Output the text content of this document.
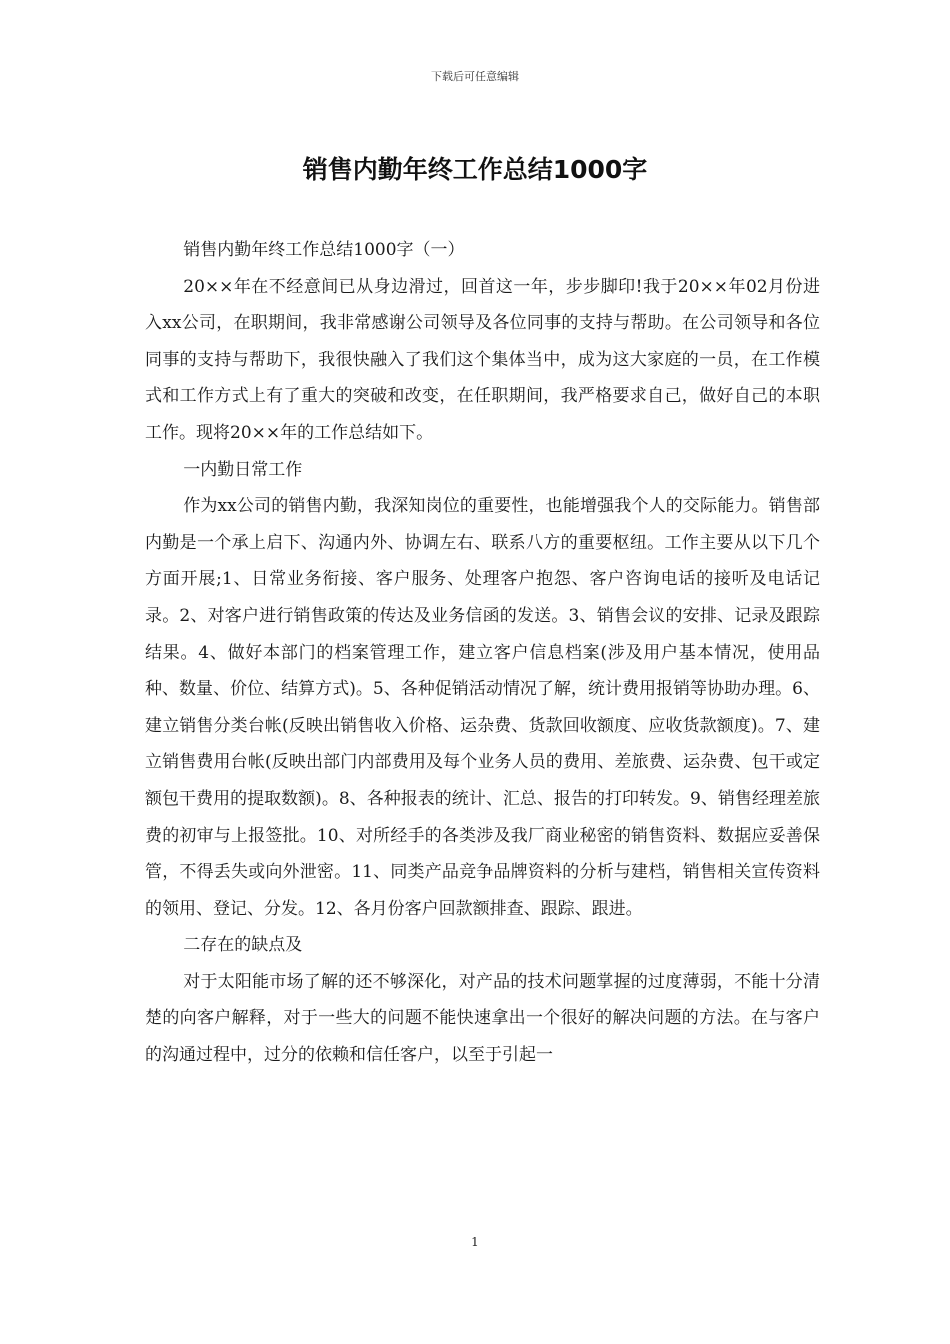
下载后可任意编辑
销售内勤年终工作总结1000字

销售内勤年终工作总结1000字（一）

20××年在不经意间已从身边滑过，回首这一年，步步脚印!我于20××年02月份进入xx公司，在职期间，我非常感谢公司领导及各位同事的支持与帮助。在公司领导和各位同事的支持与帮助下，我很快融入了我们这个集体当中，成为这大家庭的一员，在工作模式和工作方式上有了重大的突破和改变，在任职期间，我严格要求自己，做好自己的本职工作。现将20××年的工作总结如下。

一内勤日常工作

作为xx公司的销售内勤，我深知岗位的重要性，也能增强我个人的交际能力。销售部内勤是一个承上启下、沟通内外、协调左右、联系八方的重要枢纽。工作主要从以下几个方面开展;1、日常业务衔接、客户服务、处理客户抱怨、客户咨询电话的接听及电话记录。2、对客户进行销售政策的传达及业务信函的发送。3、销售会议的安排、记录及跟踪结果。4、做好本部门的档案管理工作，建立客户信息档案(涉及用户基本情况，使用品种、数量、价位、结算方式)。5、各种促销活动情况了解，统计费用报销等协助办理。6、建立销售分类台帐(反映出销售收入价格、运杂费、货款回收额度、应收货款额度)。7、建立销售费用台帐(反映出部门内部费用及每个业务人员的费用、差旅费、运杂费、包干或定额包干费用的提取数额)。8、各种报表的统计、汇总、报告的打印转发。9、销售经理差旅费的初审与上报签批。10、对所经手的各类涉及我厂商业秘密的销售资料、数据应妥善保管，不得丢失或向外泄密。11、同类产品竞争品牌资料的分析与建档，销售相关宣传资料的领用、登记、分发。12、各月份客户回款额排查、跟踪、跟进。

二存在的缺点及

对于太阳能市场了解的还不够深化，对产品的技术问题掌握的过度薄弱，不能十分清楚的向客户解释，对于一些大的问题不能快速拿出一个很好的解决问题的方法。在与客户的沟通过程中，过分的依赖和信任客户，以至于引起一

1
